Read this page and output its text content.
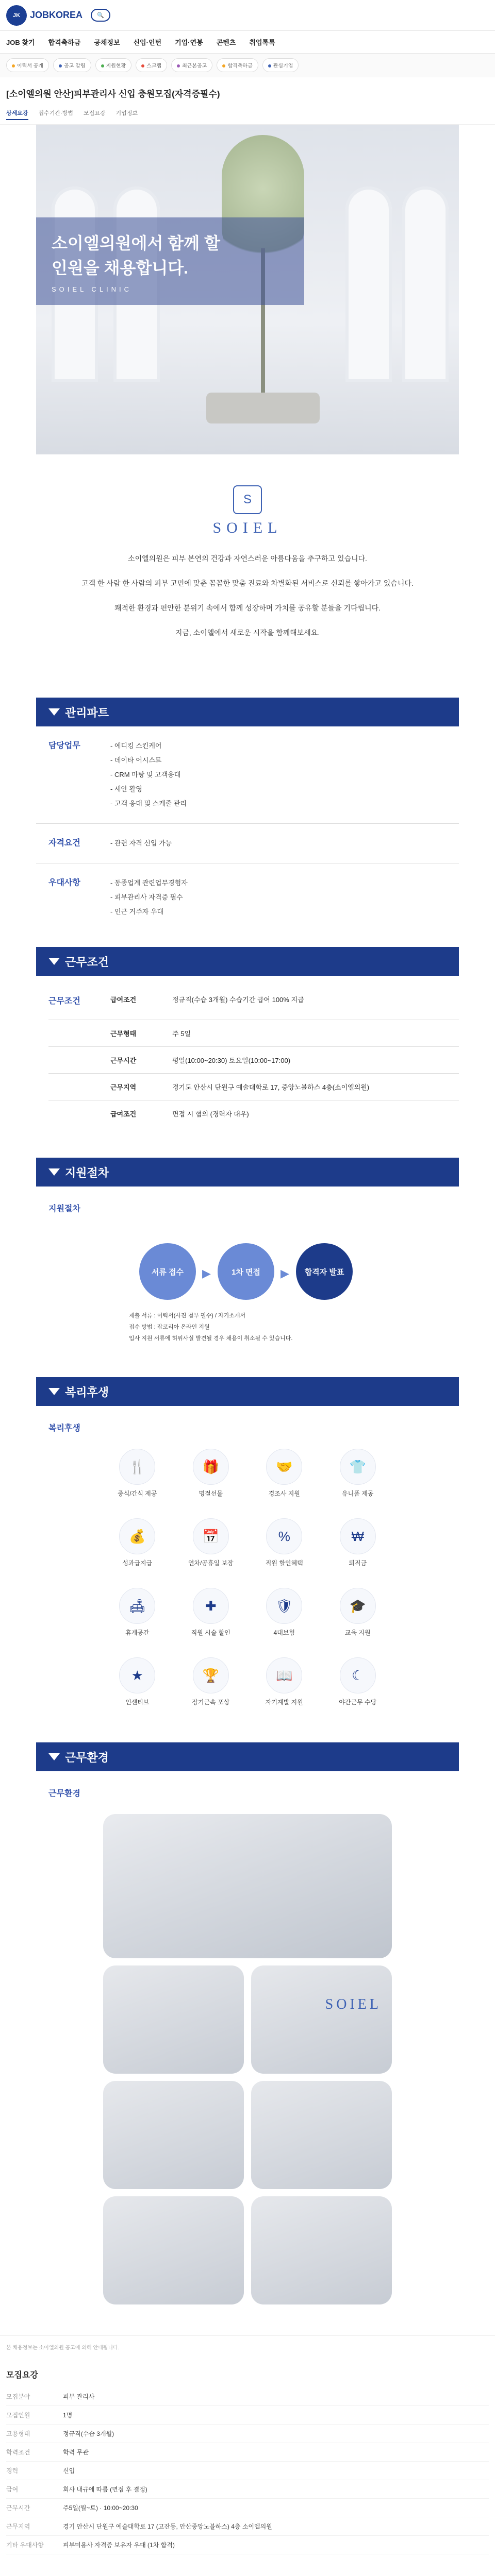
JK	JOBKOREA	🔍
JOB 찾기 합격축하금 공채정보 신입·인턴 기업·연봉 콘텐츠 취업톡톡
이력서 공개	공고 알림	지원현황	스크랩	최근본공고	합격축하금	관심기업
[소이엘의원 안산]피부관리사 신입 충원모집(자격증필수)
상세요강 접수기간·방법 모집요강 기업정보
소이엘의원에서 함께 할
인원을 채용합니다.
SOIEL CLINIC
S
SOIEL

소이엘의원은 피부 본연의 건강과 자연스러운 아름다움을 추구하고 있습니다.

고객 한 사람 한 사람의 피부 고민에 맞춘 꼼꼼한 맞춤 진료와 차별화된 서비스로 신뢰를 쌓아가고 있습니다.

쾌적한 환경과 편안한 분위기 속에서 함께 성장하며 가치를 공유할 분들을 기다립니다.

지금, 소이엘에서 새로운 시작을 함께해보세요.

관리파트
담당업무	- 에디킹 스킨케어
- 데이타 어시스트
- CRM 마탕 및 고객응대
- 세안 활영
- 고객 응대 및 스케줄 관리
자격요건	- 관련 자격 신입 가능
우대사항	- 동종업계 관련업무경험자
- 피부관리사 자격증 필수
- 인근 거주자 우대
근무조건
근무조건	급여조건	정규직(수습 3개월) 수습기간 급여 100% 지급
근무형태	주 5일
근무시간	평일(10:00~20:30) 토요일(10:00~17:00)
근무지역	경기도 안산시 단원구 예술대학로 17, 중앙노블하스 4층(소이엘의원)
급여조건	면접 시 협의 (경력자 대우)
지원절차
지원절차
서류 접수	▶	1차 면접	▶	합격자 발표
제출 서류 : 이력서(사진 첨부 필수) / 자기소개서
접수 방법 : 잡코리아 온라인 지원
입사 지원 서류에 허위사실 발견될 경우 채용이 취소될 수 있습니다.
복리후생
복리후생
🍴
중식/간식 제공
🎁
명절선물
🤝
경조사 지원
👕
유니폼 제공
💰
성과급지급
📅
연차/공휴일 보장
%
직원 할인혜택
₩
퇴직금
🛋
휴게공간
✚
직원 시술 할인
🛡
4대보험
🎓
교육 지원
★
인센티브
🏆
장기근속 포상
📖
자기계발 지원
☾
야간근무 수당
근무환경
근무환경
SOIEL
본 채용정보는 소이엘의원 공고에 의해 안내됩니다.
모집요강
모집분야	피부 관리사
모집인원	1명
고용형태	정규직(수습 3개월)
학력조건	학력 무관
경력	신입
급여	회사 내규에 따름 (면접 후 결정)
근무시간	주5일(월~토) · 10:00~20:30
근무지역	경기 안산시 단원구 예술대학로 17 (고잔동, 안산중앙노블하스) 4층 소이엘의원
기타 우대사항	피부미용사 자격증 보유자 우대 (1차 합격)
